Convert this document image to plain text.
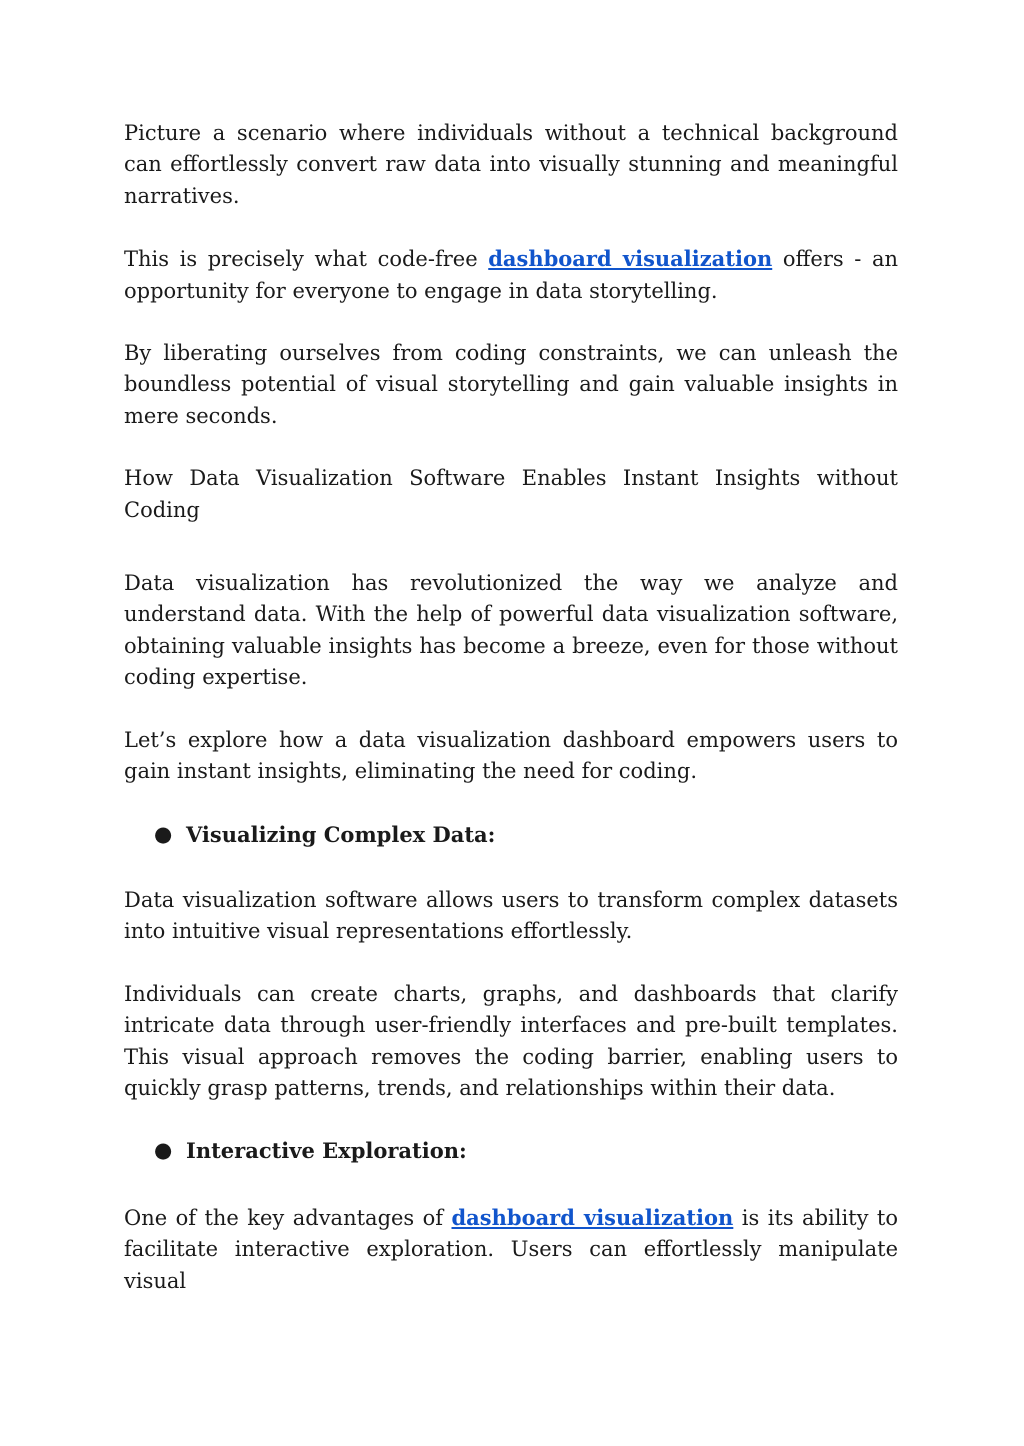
Picture a scenario where individuals without a technical background can effortlessly convert raw data into visually stunning and meaningful narratives.

This is precisely what code-free dashboard visualization offers - an opportunity for everyone to engage in data storytelling.

By liberating ourselves from coding constraints, we can unleash the boundless potential of visual storytelling and gain valuable insights in mere seconds.

How Data Visualization Software Enables Instant Insights without Coding

Data visualization has revolutionized the way we analyze and understand data. With the help of powerful data visualization software, obtaining valuable insights has become a breeze, even for those without coding expertise.

Let’s explore how a data visualization dashboard empowers users to gain instant insights, eliminating the need for coding.

● Visualizing Complex Data:

Data visualization software allows users to transform complex datasets into intuitive visual representations effortlessly.

Individuals can create charts, graphs, and dashboards that clarify intricate data through user-friendly interfaces and pre-built templates. This visual approach removes the coding barrier, enabling users to quickly grasp patterns, trends, and relationships within their data.

● Interactive Exploration:

One of the key advantages of dashboard visualization is its ability to facilitate interactive exploration. Users can effortlessly manipulate visual
